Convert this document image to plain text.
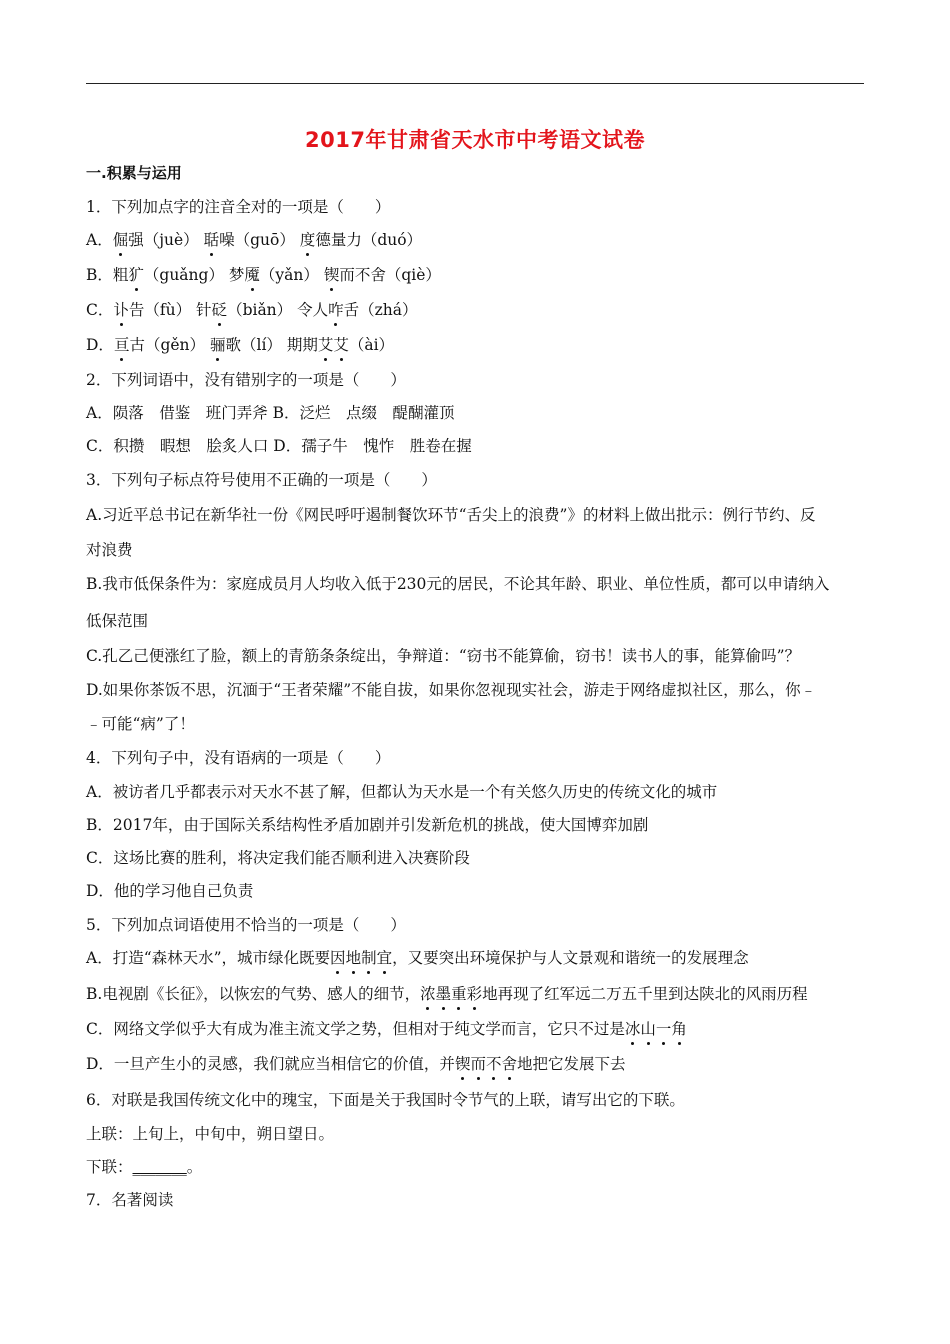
2017年甘肃省天水市中考语文试卷
一.积累与运用
1．下列加点字的注音全对的一项是（　　）
A．倔强（juè） 聒噪（guō） 度德量力（duó）
B．粗犷（guǎng） 梦魇（yǎn） 锲而不舍（qiè）
C．讣告（fù） 针砭（biǎn） 令人咋舌（zhá）
D．亘古（gěn） 骊歌（lí） 期期艾艾（ài）
2．下列词语中，没有错别字的一项是（　　）
A．陨落　借鉴　班门弄斧 B．泛烂　点缀　醍醐灌顶
C．积攒　暇想　脍炙人口 D．孺子牛　愧怍　胜卷在握
3．下列句子标点符号使用不正确的一项是（　　）
A.习近平总书记在新华社一份《网民呼吁遏制餐饮环节“舌尖上的浪费”》的材料上做出批示：例行节约、反
对浪费
B.我市低保条件为：家庭成员月人均收入低于230元的居民，不论其年龄、职业、单位性质，都可以申请纳入
低保范围
C.孔乙己便涨红了脸，额上的青筋条条绽出，争辩道：“窃书不能算偷，窃书！读书人的事，能算偷吗”？
D.如果你茶饭不思，沉湎于“王者荣耀”不能自拔，如果你忽视现实社会，游走于网络虚拟社区，那么，你﹣
﹣可能“病”了！
4．下列句子中，没有语病的一项是（　　）
A．被访者几乎都表示对天水不甚了解，但都认为天水是一个有关悠久历史的传统文化的城市
B．2017年，由于国际关系结构性矛盾加剧并引发新危机的挑战，使大国博弈加剧
C．这场比赛的胜利，将决定我们能否顺利进入决赛阶段
D．他的学习他自己负责
5．下列加点词语使用不恰当的一项是（　　）
A．打造“森林天水”，城市绿化既要因地制宜，又要突出环境保护与人文景观和谐统一的发展理念
B.电视剧《长征》，以恢宏的气势、感人的细节，浓墨重彩地再现了红军远二万五千里到达陕北的风雨历程
C．网络文学似乎大有成为准主流文学之势，但相对于纯文学而言，它只不过是冰山一角
D．一旦产生小的灵感，我们就应当相信它的价值，并锲而不舍地把它发展下去
6．对联是我国传统文化中的瑰宝，下面是关于我国时令节气的上联，请写出它的下联。
上联：上旬上，中旬中，朔日望日。
下联：_______。
7．名著阅读
